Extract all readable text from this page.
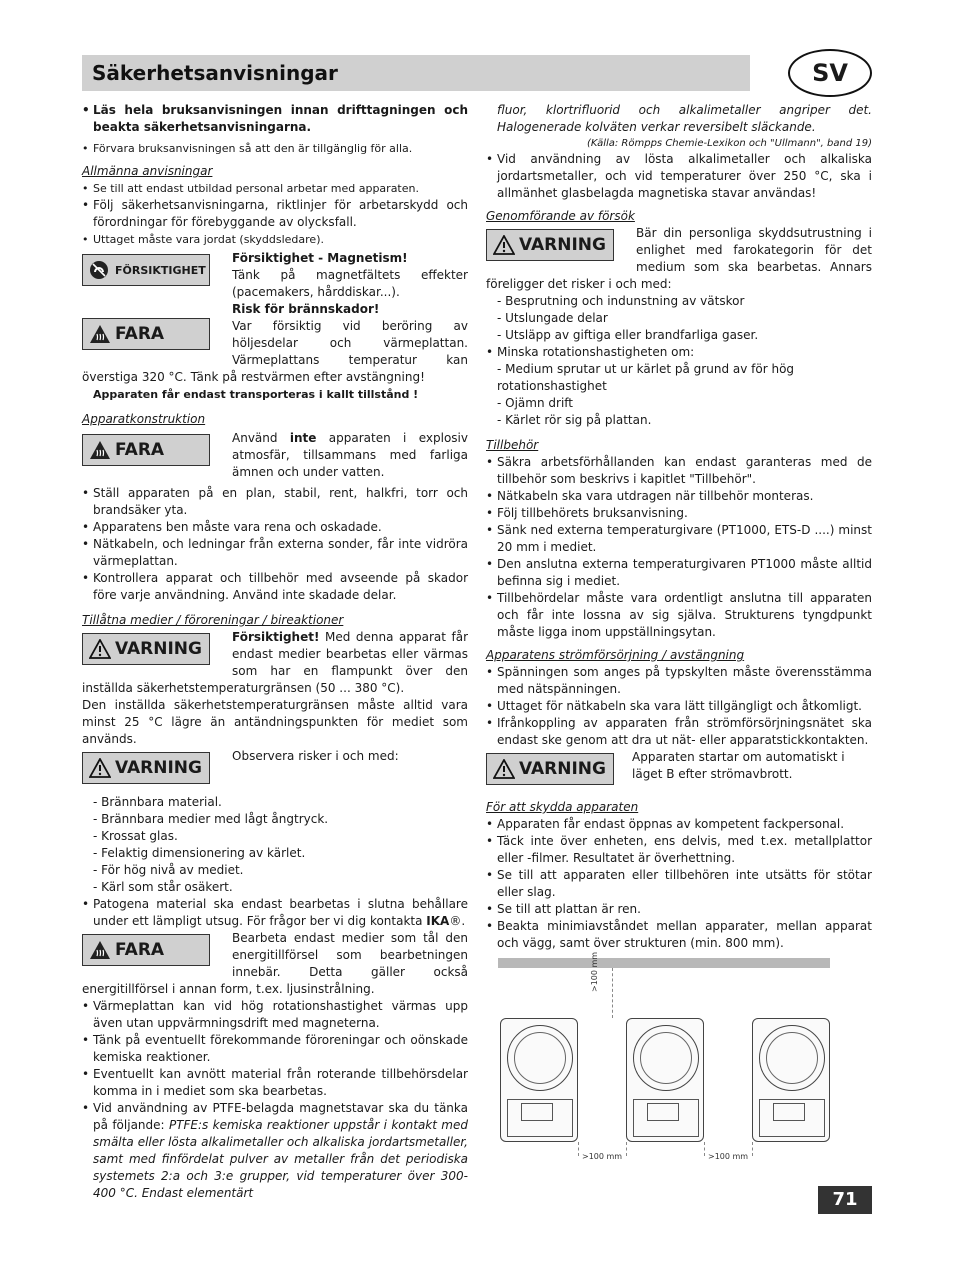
Säkerhetsanvisningar	SV
• Läs hela bruksanvisningen innan drifttagningen och beakta säkerhetsanvisningarna.
• Förvara bruksanvisningen så att den är tillgänglig för alla.
Allmänna anvisningar
• Se till att endast utbildad personal arbetar med apparaten.
• Följ säkerhetsanvisningarna, riktlinjer för arbetarskydd och förordningar för förebyggande av olycksfall.
• Uttaget måste vara jordat (skyddsledare).
FÖRSIKTIGHET
Försiktighet - Magnetism!
Tänk på magnetfältets effekter (pacemakers, hårddiskar...).
Risk för brännskador!
FARA	Var försiktig vid beröring av höljesdelar och värmeplattan. Värmeplattans temperatur kan överstiga 320 °C. Tänk på restvärmen efter avstängning!
Apparaten får endast transporteras i kallt tillstånd !
Apparatkonstruktion
FARA
Använd inte apparaten i explosiv atmosfär, tillsammans med farliga ämnen och under vatten.
• Ställ apparaten på en plan, stabil, rent, halkfri, torr och brandsäker yta.
• Apparatens ben måste vara rena och oskadade.
• Nätkabeln, och ledningar från externa sonder, får inte vidröra värmeplattan.
• Kontrollera apparat och tillbehör med avseende på skador före varje användning. Använd inte skadade delar.
Tillåtna medier / föroreningar / bireaktioner
VARNING
Försiktighet! Med denna apparat får endast medier bearbetas eller värmas som har en flampunkt över den inställda säkerhetstemperaturgränsen (50 ... 380 °C).
Den inställda säkerhetstemperaturgränsen måste alltid vara minst 25 °C lägre än antändningspunkten för mediet som används.
VARNING
Observera risker i och med:
- Brännbara material.
- Brännbara medier med lågt ångtryck.
- Krossat glas.
- Felaktig dimensionering av kärlet.
- För hög nivå av mediet.
- Kärl som står osäkert.
• Patogena material ska endast bearbetas i slutna behållare under ett lämpligt utsug. För frågor ber vi dig kontakta IKA®.
FARA
Bearbeta endast medier som tål den energitillförsel som bearbetningen innebär. Detta gäller också energitillförsel i annan form, t.ex. ljusinstrålning.
• Värmeplattan kan vid hög rotationshastighet värmas upp även utan uppvärmningsdrift med magneterna.
• Tänk på eventuellt förekommande föroreningar och oönskade kemiska reaktioner.
• Eventuellt kan avnött material från roterande tillbehörsdelar komma in i mediet som ska bearbetas.
• Vid användning av PTFE-belagda magnetstavar ska du tänka på följande: PTFE:s kemiska reaktioner uppstår i kontakt med smälta eller lösta alkalimetaller och alkaliska jordartsmetaller, samt med finfördelat pulver av metaller från det periodiska systemets 2:a och 3:e grupper, vid temperaturer över 300-400 °C. Endast elementärt
fluor, klortrifluorid och alkalimetaller angriper det. Halogenerade kolväten verkar reversibelt släckande.
(Källa: Römpps Chemie-Lexikon och "Ullmann", band 19)
• Vid användning av lösta alkalimetaller och alkaliska jordartsmetaller, och vid temperaturer över 250 °C, ska i allmänhet glasbelagda magnetiska stavar användas!
Genomförande av försök
VARNING
Bär din personliga skyddsutrustning i enlighet med farokategorin för det medium som ska bearbetas. Annars föreligger det risker i och med:
- Besprutning och indunstning av vätskor
- Utslungade delar
- Utsläpp av giftiga eller brandfarliga gaser.
• Minska rotationshastigheten om:
- Medium sprutar ut ur kärlet på grund av för hög rotationshastighet
- Ojämn drift
- Kärlet rör sig på plattan.
Tillbehör
• Säkra arbetsförhållanden kan endast garanteras med de tillbehör som beskrivs i kapitlet "Tillbehör".
• Nätkabeln ska vara utdragen när tillbehör monteras.
• Följ tillbehörets bruksanvisning.
• Sänk ned externa temperaturgivare (PT1000, ETS-D ....) minst 20 mm i mediet.
• Den anslutna externa temperaturgivaren PT1000 måste alltid befinna sig i mediet.
• Tillbehördelar måste vara ordentligt anslutna till apparaten och får inte lossna av sig själva. Strukturens tyngdpunkt måste ligga inom uppställningsytan.
Apparatens strömförsörjning / avstängning
• Spänningen som anges på typskylten måste överensstämma med nätspänningen.
• Uttaget för nätkabeln ska vara lätt tillgängligt och åtkomligt.
• Ifrånkoppling av apparaten från strömförsörjningsnätet ska endast ske genom att dra ut nät- eller apparatstickkontakten.
VARNING
Apparaten startar om automatiskt i läget B efter strömavbrott.
För att skydda apparaten
• Apparaten får endast öppnas av kompetent fackpersonal.
• Täck inte över enheten, ens delvis, med t.ex. metallplattor eller -filmer. Resultatet är överhettning.
• Se till att apparaten eller tillbehören inte utsätts för stötar eller slag.
• Se till att plattan är ren.
• Beakta minimiavståndet mellan apparater, mellan apparat och vägg, samt över strukturen (min. 800 mm).
>100 mm
>100 mm	>100 mm
71
